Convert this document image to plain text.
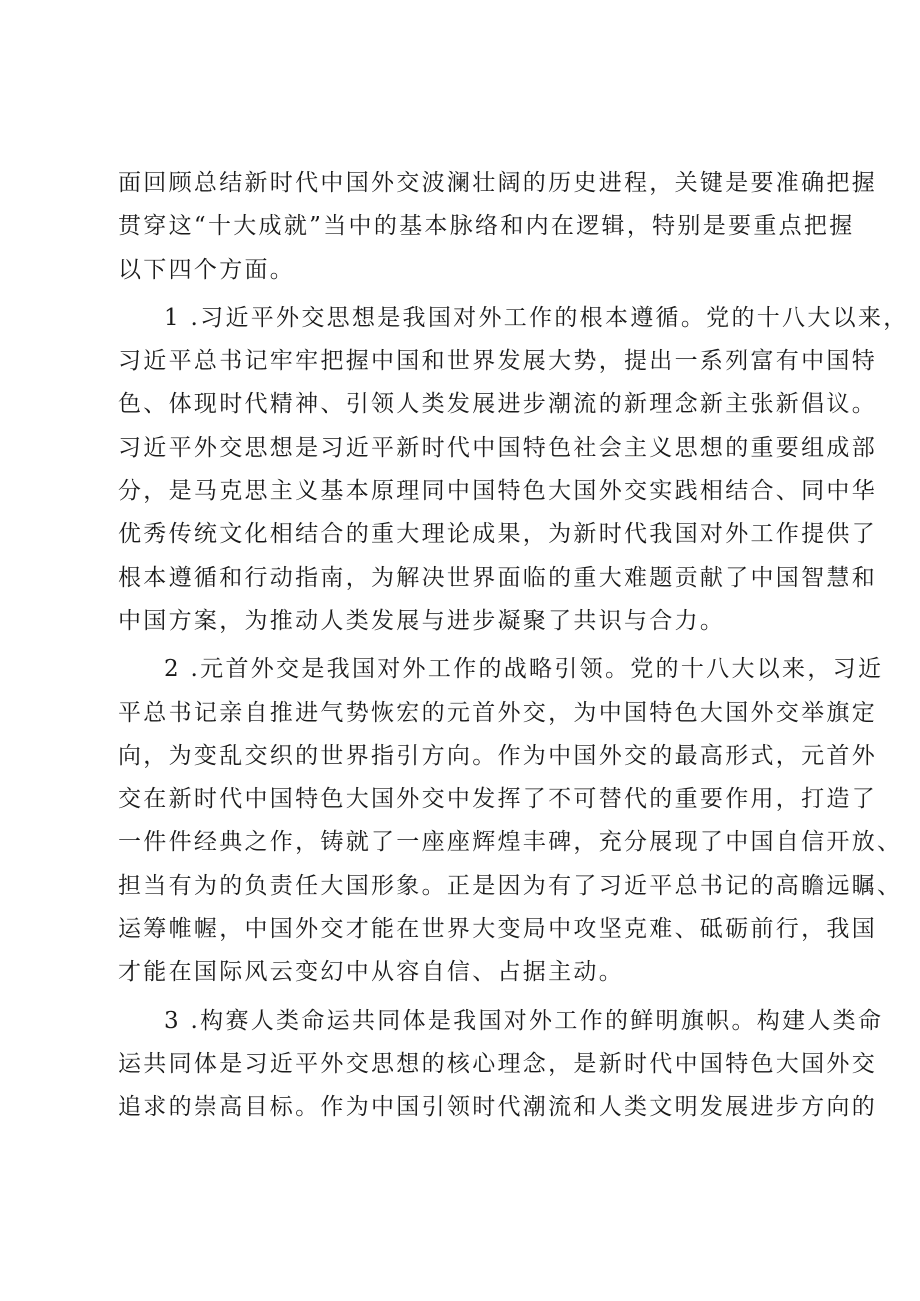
面回顾总结新时代中国外交波澜壮阔的历史进程，关键是要准确把握
贯穿这“十大成就”当中的基本脉络和内在逻辑，特别是要重点把握
以下四个方面。

1 .习近平外交思想是我国对外工作的根本遵循。党的十八大以来，
习近平总书记牢牢把握中国和世界发展大势，提出一系列富有中国特
色、体现时代精神、引领人类发展进步潮流的新理念新主张新倡议。
习近平外交思想是习近平新时代中国特色社会主义思想的重要组成部
分，是马克思主义基本原理同中国特色大国外交实践相结合、同中华
优秀传统文化相结合的重大理论成果，为新时代我国对外工作提供了
根本遵循和行动指南，为解决世界面临的重大难题贡献了中国智慧和
中国方案，为推动人类发展与进步凝聚了共识与合力。

2 .元首外交是我国对外工作的战略引领。党的十八大以来，习近
平总书记亲自推进气势恢宏的元首外交，为中国特色大国外交举旗定
向，为变乱交织的世界指引方向。作为中国外交的最高形式，元首外
交在新时代中国特色大国外交中发挥了不可替代的重要作用，打造了
一件件经典之作，铸就了一座座辉煌丰碑，充分展现了中国自信开放、
担当有为的负责任大国形象。正是因为有了习近平总书记的高瞻远瞩、
运筹帷幄，中国外交才能在世界大变局中攻坚克难、砥砺前行，我国
才能在国际风云变幻中从容自信、占据主动。

3 .构赛人类命运共同体是我国对外工作的鲜明旗帜。构建人类命
运共同体是习近平外交思想的核心理念，是新时代中国特色大国外交
追求的崇高目标。作为中国引领时代潮流和人类文明发展进步方向的
